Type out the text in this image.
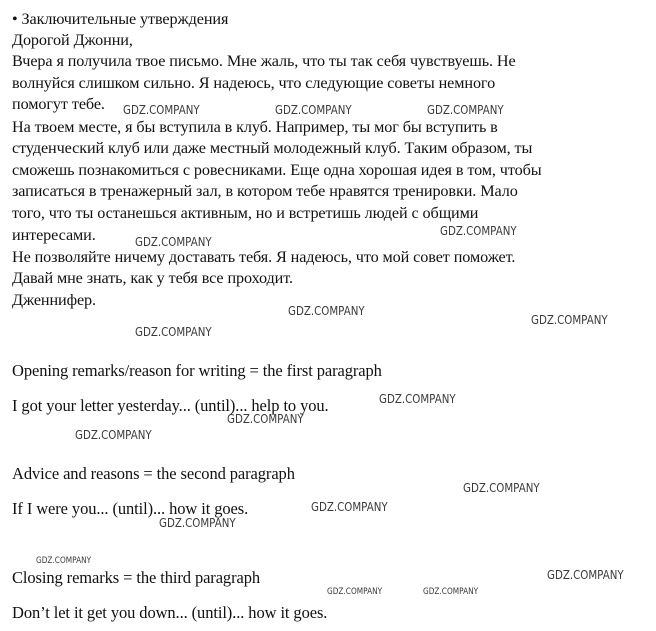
• Заключительные утверждения

Дорогой Джонни,

Вчера я получила твое письмо. Мне жаль, что ты так себя чувствуешь. Не

волнуйся слишком сильно. Я надеюсь, что следующие советы немного

помогут тебе.

На твоем месте, я бы вступила в клуб. Например, ты мог бы вступить в

студенческий клуб или даже местный молодежный клуб. Таким образом, ты

сможешь познакомиться с ровесниками. Еще одна хорошая идея в том, чтобы

записаться в тренажерный зал, в котором тебе нравятся тренировки. Мало

того, что ты останешься активным, но и встретишь людей с общими

интересами.

Не позволяйте ничему доставать тебя. Я надеюсь, что мой совет поможет.

Давай мне знать, как у тебя все проходит.

Дженнифер.

Opening remarks/reason for writing = the first paragraph

I got your letter yesterday... (until)... help to you.

Advice and reasons = the second paragraph

If I were you... (until)... how it goes.

Closing remarks = the third paragraph

Don’t let it get you down... (until)... how it goes.

GDZ.COMPANY	GDZ.COMPANY	GDZ.COMPANY
GDZ.COMPANY
GDZ.COMPANY
GDZ.COMPANY
GDZ.COMPANY
GDZ.COMPANY
GDZ.COMPANY
GDZ.COMPANY
GDZ.COMPANY
GDZ.COMPANY
GDZ.COMPANY
GDZ.COMPANY
GDZ.COMPANY
GDZ.COMPANY
GDZ.COMPANY	GDZ.COMPANY
